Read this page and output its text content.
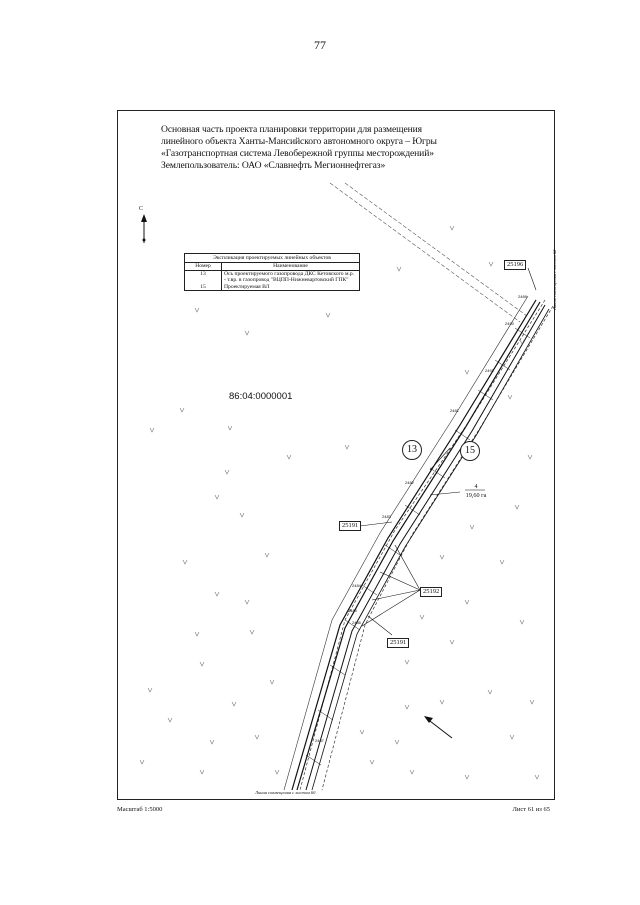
77
Основная часть проекта планировки территории для размещения
линейного объекта Ханты-Мансийского автономного округа – Югры
«Газотранспортная система Левобережной группы месторождений»
Землепользователь: ОАО «Славнефть Мегионнефтегаз»
2489
2490
2491
2481
2484
2485
2486
2487
2482
2483
С
Экспликация проектируемых линейных объектов
Номер	Наименование
13	Ось проектируемого газопровода ДКС Кетовского м.р. - т.вр. в газопровод "ВЦПП-Нижневартовский ГПК"
15	Проектируемая ВЛ
86:04:0000001
13	15
4
19,60 га
25196
25191
25192
25191
Линия совмещения с листом 60
Линия совмещения с листом 62
Масштаб 1:5000	Лист 61 из 65
